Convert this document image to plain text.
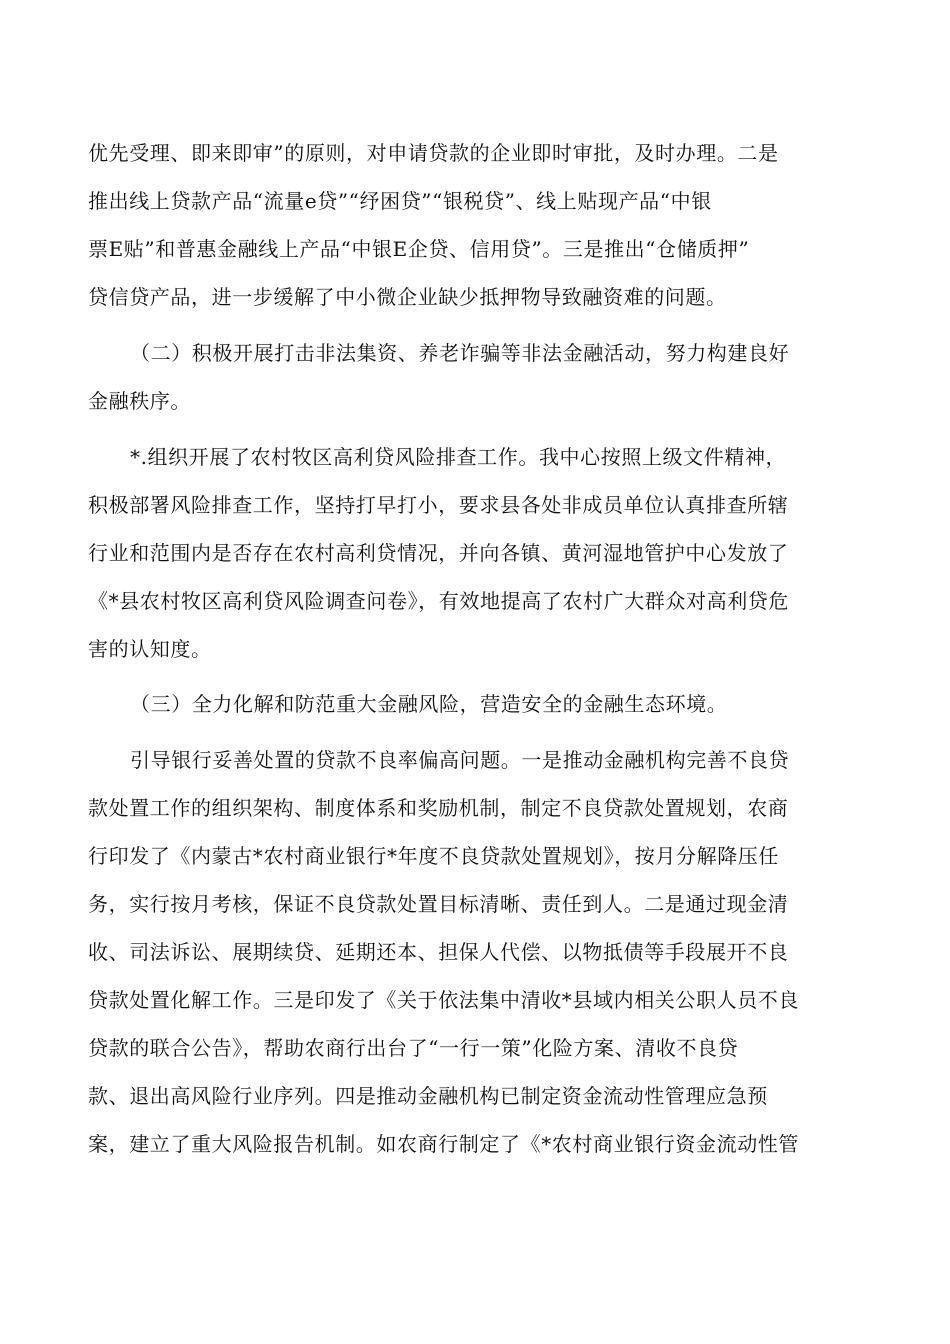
优先受理、即来即审”的原则，对申请贷款的企业即时审批，及时办理。二是
推出线上贷款产品“流量e贷”“纾困贷”“银税贷”、线上贴现产品“中银
票E贴”和普惠金融线上产品“中银E企贷、信用贷”。三是推出“仓储质押”
贷信贷产品，进一步缓解了中小微企业缺少抵押物导致融资难的问题。
（二）积极开展打击非法集资、养老诈骗等非法金融活动，努力构建良好
金融秩序。
*.组织开展了农村牧区高利贷风险排查工作。我中心按照上级文件精神，
积极部署风险排查工作，坚持打早打小，要求县各处非成员单位认真排查所辖
行业和范围内是否存在农村高利贷情况，并向各镇、黄河湿地管护中心发放了
《*县农村牧区高利贷风险调查问卷》，有效地提高了农村广大群众对高利贷危
害的认知度。
（三）全力化解和防范重大金融风险，营造安全的金融生态环境。
引导银行妥善处置的贷款不良率偏高问题。一是推动金融机构完善不良贷
款处置工作的组织架构、制度体系和奖励机制，制定不良贷款处置规划，农商
行印发了《内蒙古*农村商业银行*年度不良贷款处置规划》，按月分解降压任
务，实行按月考核，保证不良贷款处置目标清晰、责任到人。二是通过现金清
收、司法诉讼、展期续贷、延期还本、担保人代偿、以物抵债等手段展开不良
贷款处置化解工作。三是印发了《关于依法集中清收*县域内相关公职人员不良
贷款的联合公告》，帮助农商行出台了“一行一策”化险方案、清收不良贷
款、退出高风险行业序列。四是推动金融机构已制定资金流动性管理应急预
案，建立了重大风险报告机制。如农商行制定了《*农村商业银行资金流动性管
